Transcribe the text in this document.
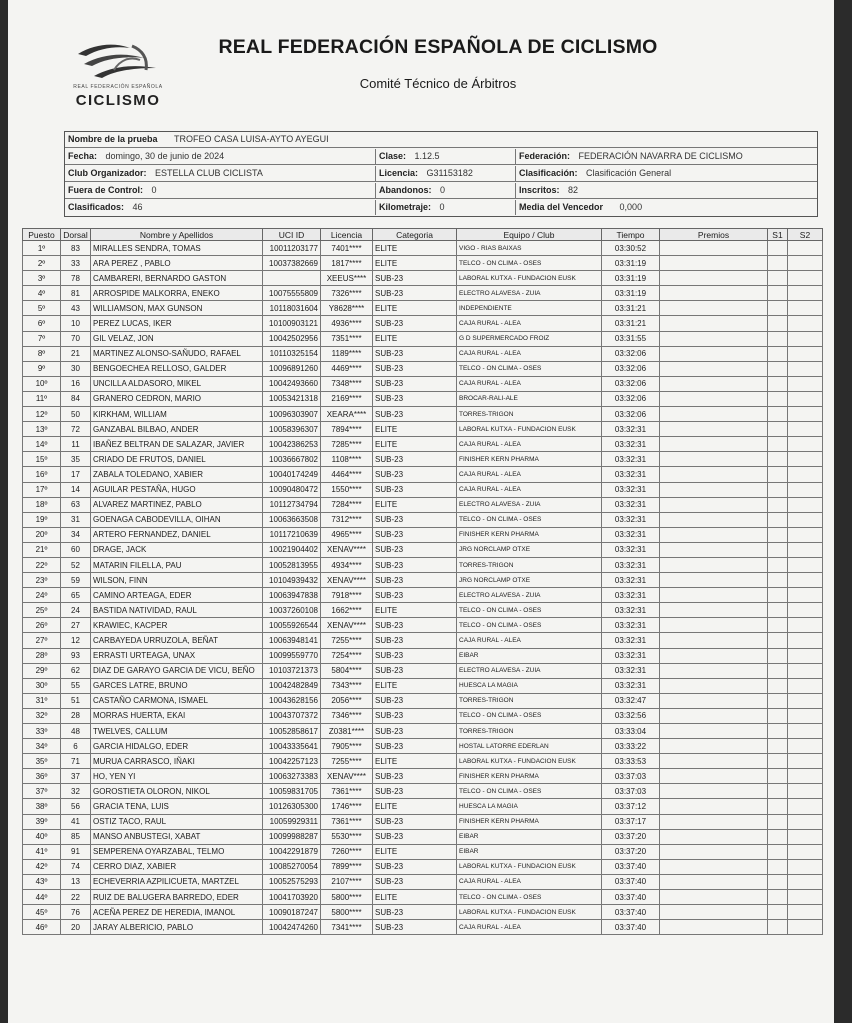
REAL FEDERACIÓN ESPAÑOLA
CICLISMO
REAL FEDERACIÓN ESPAÑOLA DE CICLISMO
Comité Técnico de Árbitros
Nombre de la prueba TROFEO CASA LUISA-AYTO AYEGUI
Fecha: domingo, 30 de junio de 2024	Clase: 1.12.5	Federación: FEDERACIÓN NAVARRA DE CICLISMO
Club Organizador: ESTELLA CLUB CICLISTA	Licencia: G31153182	Clasificación: Clasificación General
Fuera de Control: 0	Abandonos: 0	Inscritos: 82
Clasificados: 46	Kilometraje: 0	Media del Vencedor 0,000
Puesto	Dorsal	Nombre y Apellidos	UCI ID	Licencia	Categoria	Equipo / Club	Tiempo	Premios	S1	S2
1º	83	MIRALLES SENDRA, TOMAS	10011203177	7401****	ELITE	VIGO - RIAS BAIXAS	03:30:52			
2º	33	ARA PEREZ , PABLO	10037382669	1817****	ELITE	TELCO - ON CLIMA - OSES	03:31:19			
3º	78	CAMBARERI, BERNARDO GASTON		XEEUS****	SUB-23	LABORAL KUTXA - FUNDACION EUSK	03:31:19			
4º	81	ARROSPIDE MALKORRA, ENEKO	10075555809	7326****	SUB-23	ELECTRO ALAVESA - ZUIA	03:31:19			
5º	43	WILLIAMSON, MAX GUNSON	10118031604	Y8628****	ELITE	INDEPENDIENTE	03:31:21			
6º	10	PEREZ LUCAS, IKER	10100903121	4936****	SUB-23	CAJA RURAL - ALEA	03:31:21			
7º	70	GIL VELAZ, JON	10042502956	7351****	ELITE	G D SUPERMERCADO FROIZ	03:31:55			
8º	21	MARTINEZ ALONSO-SAÑUDO, RAFAEL	10110325154	1189****	SUB-23	CAJA RURAL - ALEA	03:32:06			
9º	30	BENGOECHEA RELLOSO, GALDER	10096891260	4469****	SUB-23	TELCO - ON CLIMA - OSES	03:32:06			
10º	16	UNCILLA ALDASORO, MIKEL	10042493660	7348****	SUB-23	CAJA RURAL - ALEA	03:32:06			
11º	84	GRANERO CEDRON, MARIO	10053421318	2169****	SUB-23	BROCAR-RALI-ALE	03:32:06			
12º	50	KIRKHAM, WILLIAM	10096303907	XEARA****	SUB-23	TORRES-TRIGON	03:32:06			
13º	72	GANZABAL BILBAO, ANDER	10058396307	7894****	ELITE	LABORAL KUTXA - FUNDACION EUSK	03:32:31			
14º	11	IBAÑEZ BELTRAN DE SALAZAR, JAVIER	10042386253	7285****	ELITE	CAJA RURAL - ALEA	03:32:31			
15º	35	CRIADO DE FRUTOS, DANIEL	10036667802	1108****	SUB-23	FINISHER KERN PHARMA	03:32:31			
16º	17	ZABALA TOLEDANO, XABIER	10040174249	4464****	SUB-23	CAJA RURAL - ALEA	03:32:31			
17º	14	AGUILAR PESTAÑA, HUGO	10090480472	1550****	SUB-23	CAJA RURAL - ALEA	03:32:31			
18º	63	ALVAREZ MARTINEZ, PABLO	10112734794	7284****	ELITE	ELECTRO ALAVESA - ZUIA	03:32:31			
19º	31	GOENAGA CABODEVILLA, OIHAN	10063663508	7312****	SUB-23	TELCO - ON CLIMA - OSES	03:32:31			
20º	34	ARTERO FERNANDEZ, DANIEL	10117210639	4965****	SUB-23	FINISHER KERN PHARMA	03:32:31			
21º	60	DRAGE, JACK	10021904402	XENAV****	SUB-23	JRG NORCLAMP OTXE	03:32:31			
22º	52	MATARIN FILELLA, PAU	10052813955	4934****	SUB-23	TORRES-TRIGON	03:32:31			
23º	59	WILSON, FINN	10104939432	XENAV****	SUB-23	JRG NORCLAMP OTXE	03:32:31			
24º	65	CAMINO ARTEAGA, EDER	10063947838	7918****	SUB-23	ELECTRO ALAVESA - ZUIA	03:32:31			
25º	24	BASTIDA NATIVIDAD, RAUL	10037260108	1662****	ELITE	TELCO - ON CLIMA - OSES	03:32:31			
26º	27	KRAWIEC, KACPER	10055926544	XENAV****	SUB-23	TELCO - ON CLIMA - OSES	03:32:31			
27º	12	CARBAYEDA URRUZOLA, BEÑAT	10063948141	7255****	SUB-23	CAJA RURAL - ALEA	03:32:31			
28º	93	ERRASTI URTEAGA, UNAX	10099559770	7254****	SUB-23	EIBAR	03:32:31			
29º	62	DIAZ DE GARAYO GARCIA DE VICU, BEÑO	10103721373	5804****	SUB-23	ELECTRO ALAVESA - ZUIA	03:32:31			
30º	55	GARCES LATRE, BRUNO	10042482849	7343****	ELITE	HUESCA LA MAGIA	03:32:31			
31º	51	CASTAÑO CARMONA, ISMAEL	10043628156	2056****	SUB-23	TORRES-TRIGON	03:32:47			
32º	28	MORRAS HUERTA, EKAI	10043707372	7346****	SUB-23	TELCO - ON CLIMA - OSES	03:32:56			
33º	48	TWELVES, CALLUM	10052858617	Z0381****	SUB-23	TORRES-TRIGON	03:33:04			
34º	6	GARCIA HIDALGO, EDER	10043335641	7905****	SUB-23	HOSTAL LATORRE EDERLAN	03:33:22			
35º	71	MURUA CARRASCO, IÑAKI	10042257123	7255****	ELITE	LABORAL KUTXA - FUNDACION EUSK	03:33:53			
36º	37	HO, YEN YI	10063273383	XENAV****	SUB-23	FINISHER KERN PHARMA	03:37:03			
37º	32	GOROSTIETA OLORON, NIKOL	10059831705	7361****	SUB-23	TELCO - ON CLIMA - OSES	03:37:03			
38º	56	GRACIA TENA, LUIS	10126305300	1746****	ELITE	HUESCA LA MAGIA	03:37:12			
39º	41	OSTIZ TACO, RAUL	10059929311	7361****	SUB-23	FINISHER KERN PHARMA	03:37:17			
40º	85	MANSO ANBUSTEGI, XABAT	10099988287	5530****	SUB-23	EIBAR	03:37:20			
41º	91	SEMPERENA OYARZABAL, TELMO	10042291879	7260****	ELITE	EIBAR	03:37:20			
42º	74	CERRO DIAZ, XABIER	10085270054	7899****	SUB-23	LABORAL KUTXA - FUNDACION EUSK	03:37:40			
43º	13	ECHEVERRIA AZPILICUETA, MARTZEL	10052575293	2107****	SUB-23	CAJA RURAL - ALEA	03:37:40			
44º	22	RUIZ DE BALUGERA BARREDO, EDER	10041703920	5800****	ELITE	TELCO - ON CLIMA - OSES	03:37:40			
45º	76	ACEÑA PEREZ DE HEREDIA, IMANOL	10090187247	5800****	SUB-23	LABORAL KUTXA - FUNDACION EUSK	03:37:40			
46º	20	JARAY ALBERICIO, PABLO	10042474260	7341****	SUB-23	CAJA RURAL - ALEA	03:37:40			
